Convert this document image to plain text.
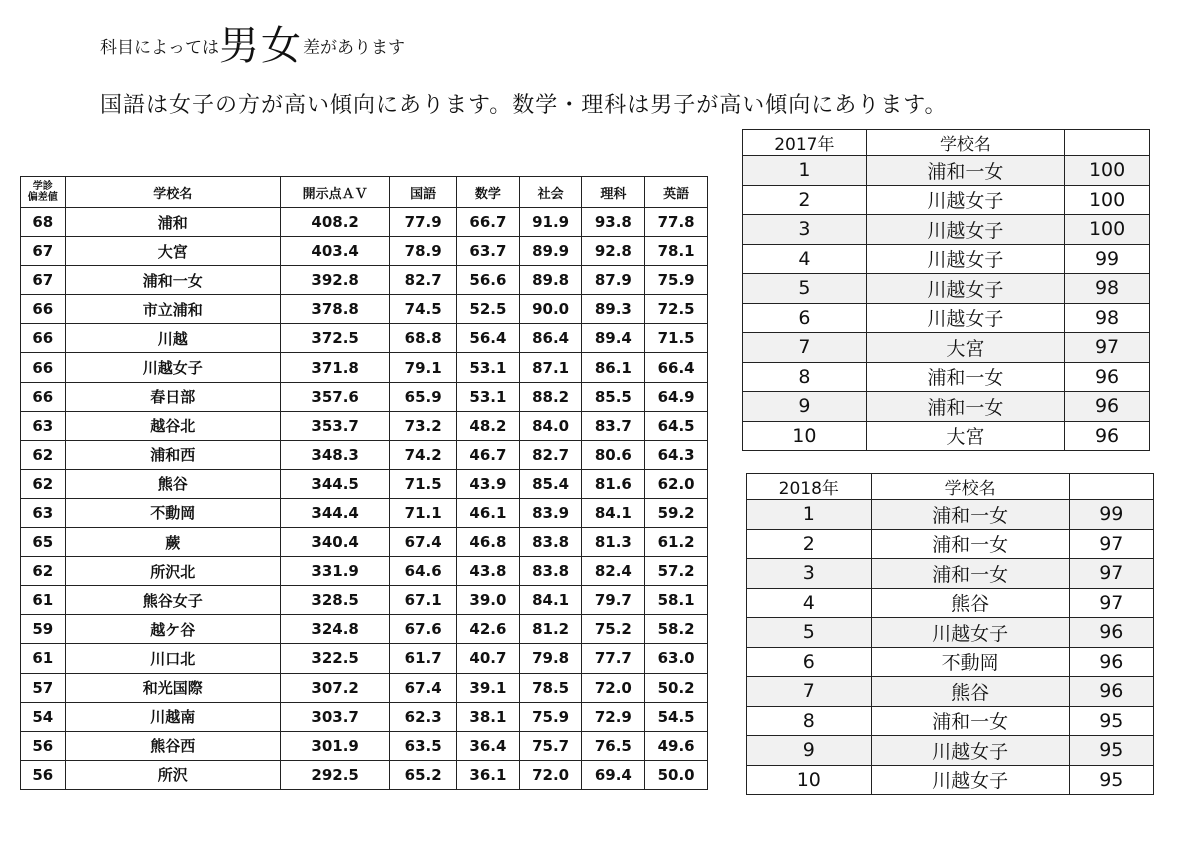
科目によっては男女差があります
国語は女子の方が高い傾向にあります。数学・理科は男子が高い傾向にあります。
学診
偏差値	学校名	開示点ＡＶ	国語	数学	社会	理科	英語
68	浦和	408.2	77.9	66.7	91.9	93.8	77.8
67	大宮	403.4	78.9	63.7	89.9	92.8	78.1
67	浦和一女	392.8	82.7	56.6	89.8	87.9	75.9
66	市立浦和	378.8	74.5	52.5	90.0	89.3	72.5
66	川越	372.5	68.8	56.4	86.4	89.4	71.5
66	川越女子	371.8	79.1	53.1	87.1	86.1	66.4
66	春日部	357.6	65.9	53.1	88.2	85.5	64.9
63	越谷北	353.7	73.2	48.2	84.0	83.7	64.5
62	浦和西	348.3	74.2	46.7	82.7	80.6	64.3
62	熊谷	344.5	71.5	43.9	85.4	81.6	62.0
63	不動岡	344.4	71.1	46.1	83.9	84.1	59.2
65	蕨	340.4	67.4	46.8	83.8	81.3	61.2
62	所沢北	331.9	64.6	43.8	83.8	82.4	57.2
61	熊谷女子	328.5	67.1	39.0	84.1	79.7	58.1
59	越ケ谷	324.8	67.6	42.6	81.2	75.2	58.2
61	川口北	322.5	61.7	40.7	79.8	77.7	63.0
57	和光国際	307.2	67.4	39.1	78.5	72.0	50.2
54	川越南	303.7	62.3	38.1	75.9	72.9	54.5
56	熊谷西	301.9	63.5	36.4	75.7	76.5	49.6
56	所沢	292.5	65.2	36.1	72.0	69.4	50.0
2017年	学校名	
1	浦和一女	100
2	川越女子	100
3	川越女子	100
4	川越女子	99
5	川越女子	98
6	川越女子	98
7	大宮	97
8	浦和一女	96
9	浦和一女	96
10	大宮	96
2018年	学校名	
1	浦和一女	99
2	浦和一女	97
3	浦和一女	97
4	熊谷	97
5	川越女子	96
6	不動岡	96
7	熊谷	96
8	浦和一女	95
9	川越女子	95
10	川越女子	95
